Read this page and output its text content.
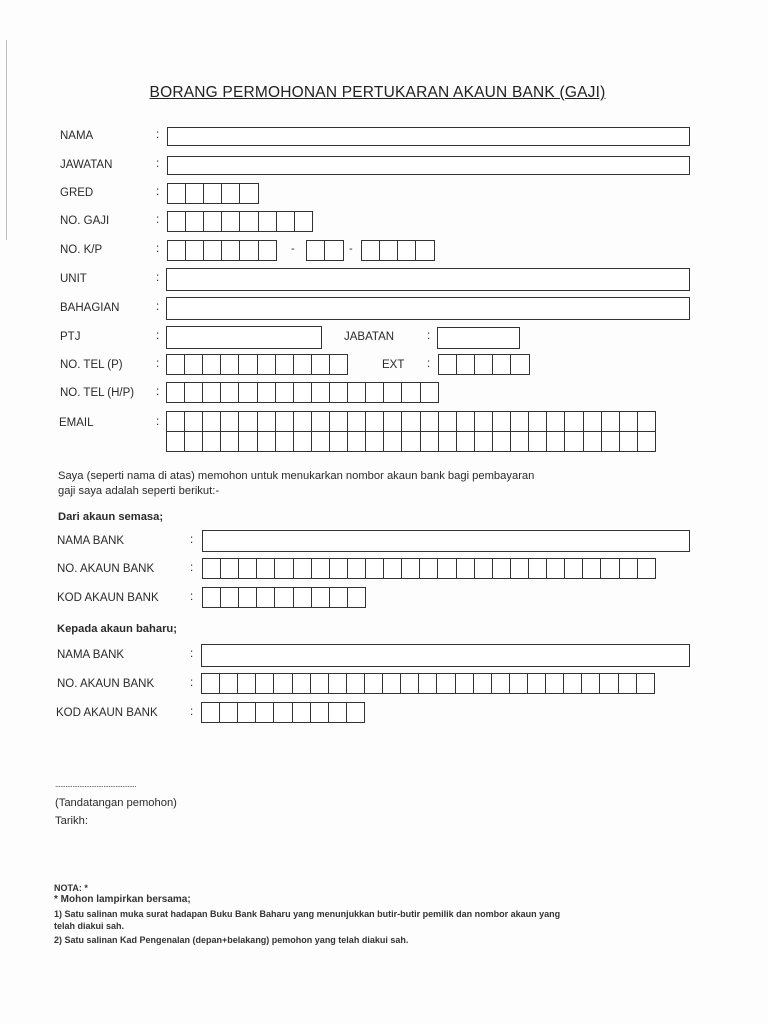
BORANG PERMOHONAN PERTUKARAN AKAUN BANK (GAJI)
NAMA	:
JAWATAN	:
GRED	:
NO. GAJI	:
NO. K/P	:	-	-
UNIT	:
BAHAGIAN	:
PTJ	:	JABATAN	:
NO. TEL (P)	:	EXT :
NO. TEL (H/P) :
EMAIL	:
Saya (seperti nama di atas) memohon untuk menukarkan nombor akaun bank bagi pembayaran
gaji saya adalah seperti berikut:-
Dari akaun semasa;
NAMA BANK	:
NO. AKAUN BANK	:
KOD AKAUN BANK	:
Kepada akaun baharu;
NAMA BANK	:
NO. AKAUN BANK	:
KOD AKAUN BANK	:
...............................................
(Tandatangan pemohon)
Tarikh:
NOTA: *
* Mohon lampirkan bersama;
1) Satu salinan muka surat hadapan Buku Bank Baharu yang menunjukkan butir-butir pemilik dan nombor akaun yang
telah diakui sah.
2) Satu salinan Kad Pengenalan (depan+belakang) pemohon yang telah diakui sah.
